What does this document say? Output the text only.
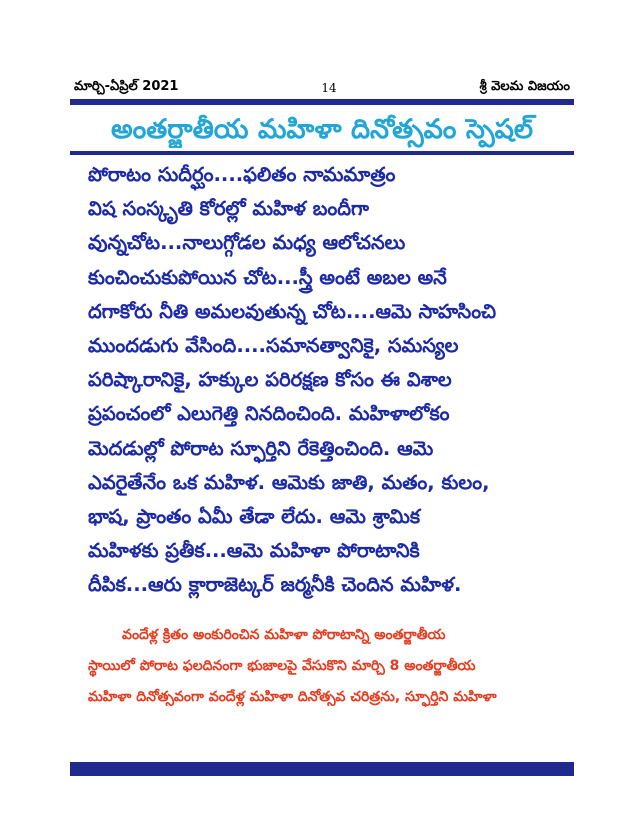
మార్చి-ఏప్రిల్ 2021	14	శ్రీ వెలమ విజయం
అంతర్జాతీయ మహిళా దినోత్సవం స్పెషల్
పోరాటం సుదీర్ఘం....ఫలితం నామమాత్రం
విష సంస్కృతి కోరల్లో మహిళ బందీగా
వున్నచోట...నాలుగ్గోడల మధ్య ఆలోచనలు
కుంచించుకుపోయిన చోట...స్త్రీ అంటే అబల అనే
దగాకోరు నీతి అమలవుతున్న చోట....ఆమె సాహసించి
ముందడుగు వేసింది....సమానత్వానికై, సమస్యల
పరిష్కారానికై, హక్కుల పరిరక్షణ కోసం ఈ విశాల
ప్రపంచంలో ఎలుగెత్తి నినదించింది. మహిళాలోకం
మెదడుల్లో పోరాట స్ఫూర్తిని రేకెత్తించింది. ఆమె
ఎవరైతేనేం ఒక మహిళ. ఆమెకు జాతి, మతం, కులం,
భాష, ప్రాంతం ఏమీ తేడా లేదు. ఆమె శ్రామిక
మహిళకు ప్రతీక...ఆమె మహిళా పోరాటానికి
దీపిక...ఆరు క్లారాజెట్కర్ జర్మనీకి చెందిన మహిళ.
వందేళ్ల క్రితం అంకురించిన మహిళా పోరాటాన్ని అంతర్జాతీయ
స్థాయిలో పోరాట ఫలదినంగా భుజాలపై వేసుకొని మార్చి 8 అంతర్జాతీయ
మహిళా దినోత్సవంగా వందేళ్ల మహిళా దినోత్సవ చరిత్రను, స్ఫూర్తిని మహిళా
